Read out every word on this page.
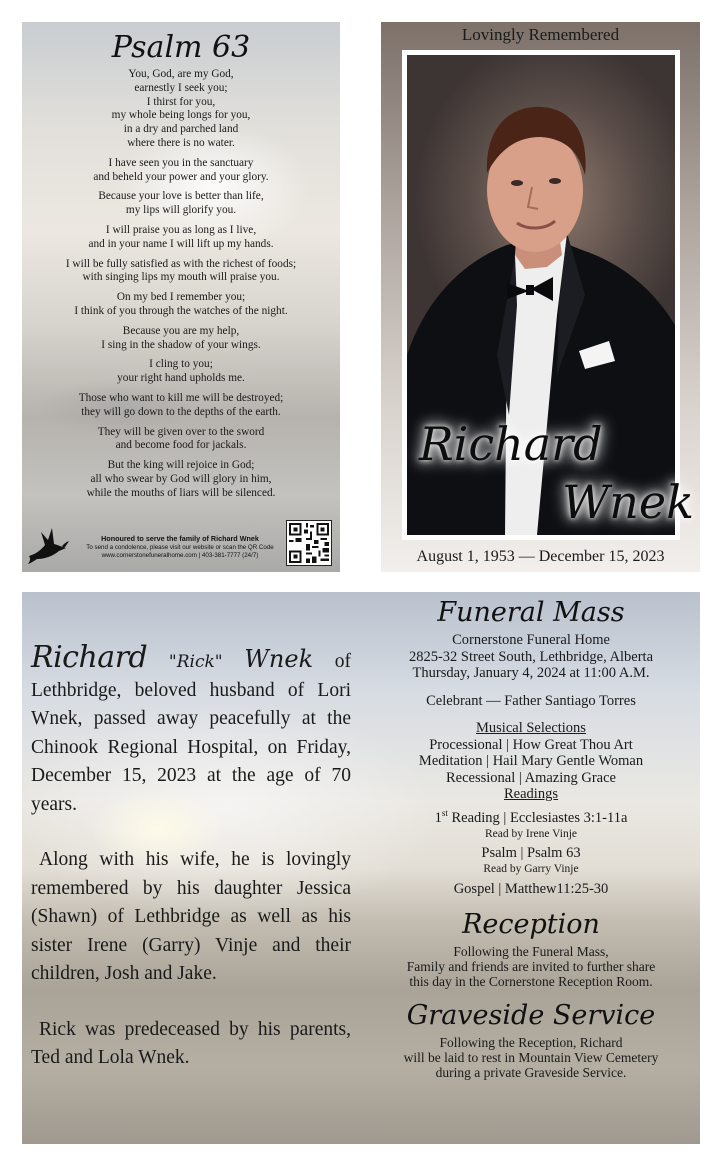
Psalm 63

You, God, are my God,
earnestly I seek you;
I thirst for you,
my whole being longs for you,
in a dry and parched land
where there is no water.

I have seen you in the sanctuary
and beheld your power and your glory.

Because your love is better than life,
my lips will glorify you.

I will praise you as long as I live,
and in your name I will lift up my hands.

I will be fully satisfied as with the richest of foods;
with singing lips my mouth will praise you.

On my bed I remember you;
I think of you through the watches of the night.

Because you are my help,
I sing in the shadow of your wings.

I cling to you;
your right hand upholds me.

Those who want to kill me will be destroyed;
they will go down to the depths of the earth.

They will be given over to the sword
and become food for jackals.

But the king will rejoice in God;
all who swear by God will glory in him,
while the mouths of liars will be silenced.

Honoured to serve the family of Richard Wnek
To send a condolence, please visit our website or scan the QR Code
www.cornerstonefuneralhome.com | 403-381-7777 (24/7)
Lovingly Remembered
Richard
Wnek
August 1, 1953 — December 15, 2023

Richard "Rick" Wnek of Lethbridge, beloved husband of Lori Wnek, passed away peacefully at the Chinook Regional Hospital, on Friday, December 15, 2023 at the age of 70 years.

Along with his wife, he is lovingly remembered by his daughter Jessica (Shawn) of Lethbridge as well as his sister Irene (Garry) Vinje and their children, Josh and Jake.

Rick was predeceased by his parents, Ted and Lola Wnek.

Funeral Mass
Cornerstone Funeral Home
2825-32 Street South, Lethbridge, Alberta
Thursday, January 4, 2024 at 11:00 A.M.
Celebrant — Father Santiago Torres
Musical Selections
Processional | How Great Thou Art
Meditation | Hail Mary Gentle Woman
Recessional | Amazing Grace
Readings
1st Reading | Ecclesiastes 3:1-11a
Read by Irene Vinje
Psalm | Psalm 63
Read by Garry Vinje
Gospel | Matthew11:25-30
Reception
Following the Funeral Mass,
Family and friends are invited to further share
this day in the Cornerstone Reception Room.
Graveside Service
Following the Reception, Richard
will be laid to rest in Mountain View Cemetery
during a private Graveside Service.
